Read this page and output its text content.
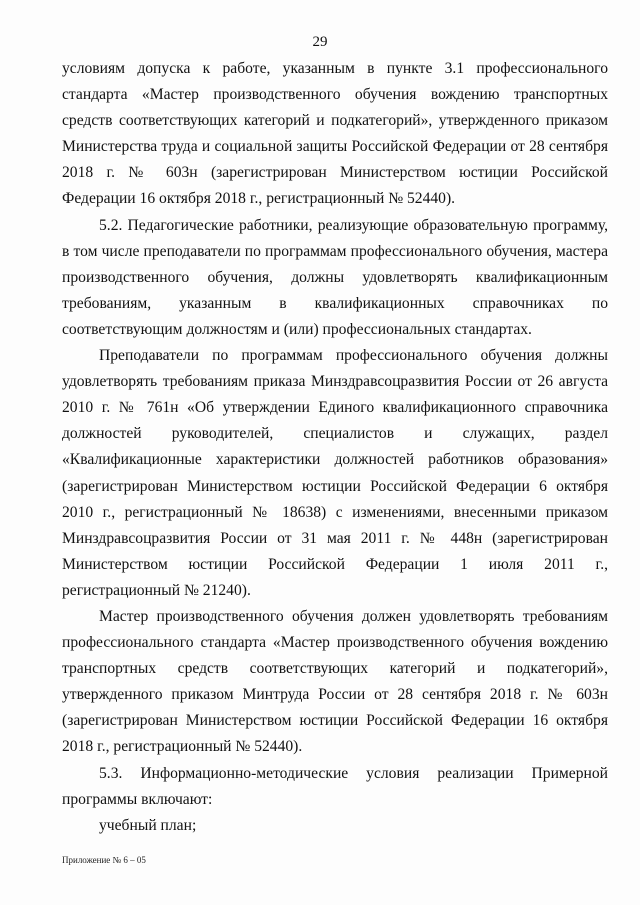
29

условиям допуска к работе, указанным в пункте 3.1 профессионального стандарта «Мастер производственного обучения вождению транспортных средств соответствующих категорий и подкатегорий», утвержденного приказом Министерства труда и социальной защиты Российской Федерации от 28 сентября 2018 г. № 603н (зарегистрирован Министерством юстиции Российской Федерации 16 октября 2018 г., регистрационный № 52440).

5.2. Педагогические работники, реализующие образовательную программу, в том числе преподаватели по программам профессионального обучения, мастера производственного обучения, должны удовлетворять квалификационным требованиям, указанным в квалификационных справочниках по соответствующим должностям и (или) профессиональных стандартах.

Преподаватели по программам профессионального обучения должны удовлетворять требованиям приказа Минздравсоцразвития России от 26 августа 2010 г. № 761н «Об утверждении Единого квалификационного справочника должностей руководителей, специалистов и служащих, раздел «Квалификационные характеристики должностей работников образования» (зарегистрирован Министерством юстиции Российской Федерации 6 октября 2010 г., регистрационный № 18638) с изменениями, внесенными приказом Минздравсоцразвития России от 31 мая 2011 г. № 448н (зарегистрирован Министерством юстиции Российской Федерации 1 июля 2011 г., регистрационный № 21240).

Мастер производственного обучения должен удовлетворять требованиям профессионального стандарта «Мастер производственного обучения вождению транспортных средств соответствующих категорий и подкатегорий», утвержденного приказом Минтруда России от 28 сентября 2018 г. № 603н (зарегистрирован Министерством юстиции Российской Федерации 16 октября 2018 г., регистрационный № 52440).

5.3. Информационно-методические условия реализации Примерной программы включают:

учебный план;

Приложение № 6 – 05
